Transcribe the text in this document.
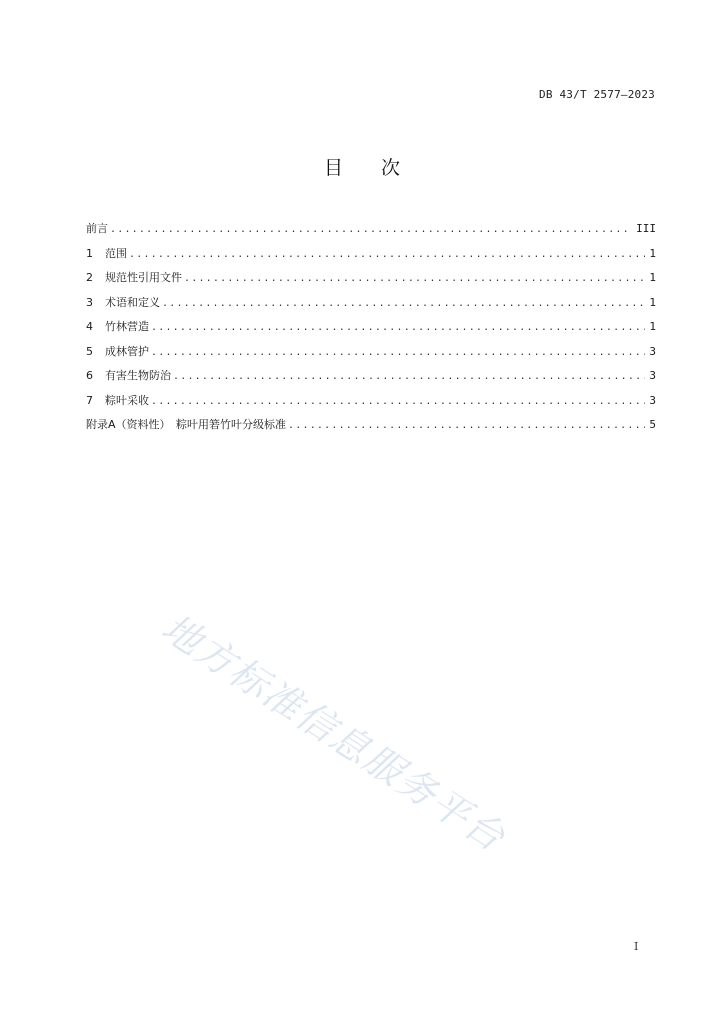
DB 43/T 2577—2023
目 次
前言 .....	III
1	范围 .....	1
2	规范性引用文件 .....	1
3	术语和定义 .....	1
4	竹林营造 .....	1
5	成林管护 .....	3
6	有害生物防治 .....	3
7	粽叶采收 .....	3
附录A（资料性）　粽叶用箬竹叶分级标准 .....	5
地方标准信息服务平台
I
